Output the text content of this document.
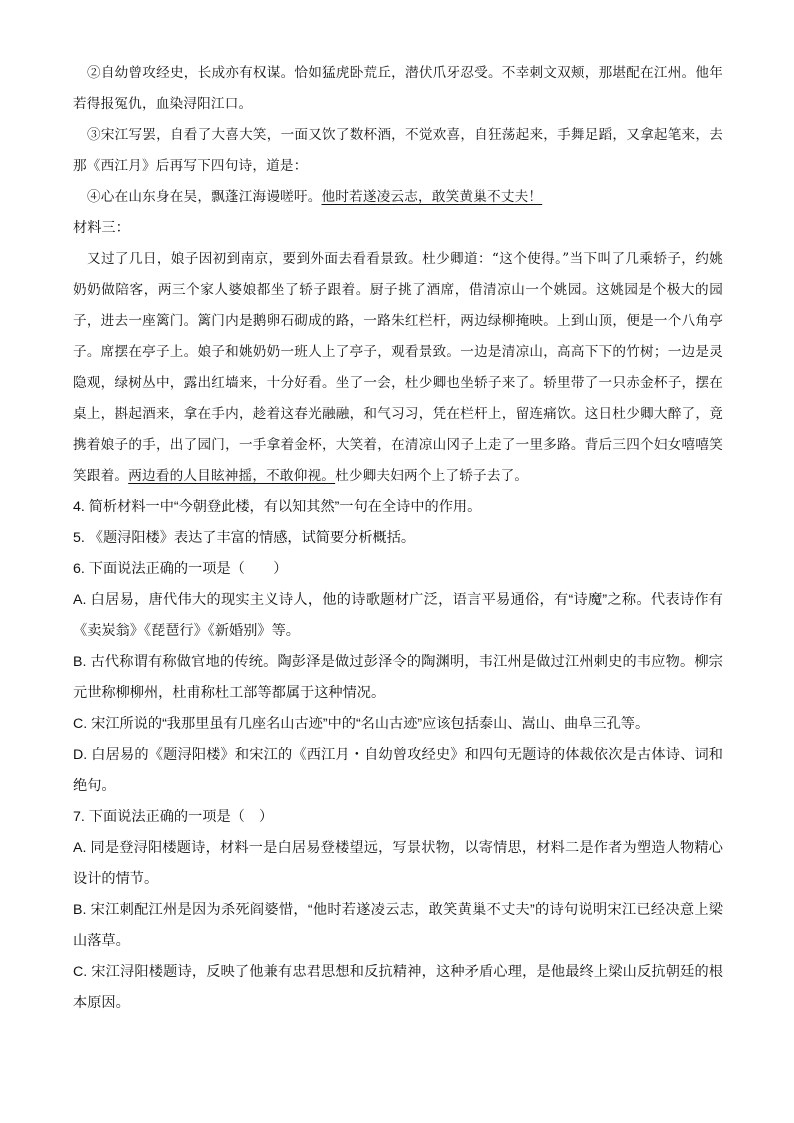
②自幼曾攻经史，长成亦有权谋。恰如猛虎卧荒丘，潜伏爪牙忍受。不幸刺文双颊，那堪配在江州。他年若得报冤仇，血染浔阳江口。

③宋江写罢，自看了大喜大笑，一面又饮了数杯酒，不觉欢喜，自狂荡起来，手舞足蹈，又拿起笔来，去那《西江月》后再写下四句诗，道是：

④心在山东身在吴，飘蓬江海谩嗟吁。他时若遂凌云志，敢笑黄巢不丈夫！

材料三：

又过了几日，娘子因初到南京，要到外面去看看景致。杜少卿道：“这个使得。”当下叫了几乘轿子，约姚奶奶做陪客，两三个家人婆娘都坐了轿子跟着。厨子挑了酒席，借清凉山一个姚园。这姚园是个极大的园子，进去一座篱门。篱门内是鹅卵石砌成的路，一路朱红栏杆，两边绿柳掩映。上到山顶，便是一个八角亭子。席摆在亭子上。娘子和姚奶奶一班人上了亭子，观看景致。一边是清凉山，高高下下的竹树；一边是灵隐观，绿树丛中，露出红墙来，十分好看。坐了一会，杜少卿也坐轿子来了。轿里带了一只赤金杯子，摆在桌上，斟起酒来，拿在手内，趁着这春光融融，和气习习，凭在栏杆上，留连痛饮。这日杜少卿大醉了，竟携着娘子的手，出了园门，一手拿着金杯，大笑着，在清凉山冈子上走了一里多路。背后三四个妇女嘻嘻笑笑跟着。两边看的人目眩神摇，不敢仰视。杜少卿夫妇两个上了轿子去了。

4. 简析材料一中“今朝登此楼，有以知其然”一句在全诗中的作用。

5. 《题浔阳楼》表达了丰富的情感，试简要分析概括。

6. 下面说法正确的一项是（　　）

A. 白居易，唐代伟大的现实主义诗人，他的诗歌题材广泛，语言平易通俗，有“诗魔”之称。代表诗作有《卖炭翁》《琵琶行》《新婚别》等。

B. 古代称谓有称做官地的传统。陶彭泽是做过彭泽令的陶渊明，韦江州是做过江州刺史的韦应物。柳宗元世称柳柳州，杜甫称杜工部等都属于这种情况。

C. 宋江所说的“我那里虽有几座名山古迹”中的“名山古迹”应该包括泰山、嵩山、曲阜三孔等。

D. 白居易的《题浔阳楼》和宋江的《西江月・自幼曾攻经史》和四句无题诗的体裁依次是古体诗、词和绝句。

7. 下面说法正确的一项是（　）

A. 同是登浔阳楼题诗，材料一是白居易登楼望远，写景状物，以寄情思，材料二是作者为塑造人物精心设计的情节。

B. 宋江刺配江州是因为杀死阎婆惜，“他时若遂凌云志，敢笑黄巢不丈夫”的诗句说明宋江已经决意上梁山落草。

C. 宋江浔阳楼题诗，反映了他兼有忠君思想和反抗精神，这种矛盾心理，是他最终上梁山反抗朝廷的根本原因。
